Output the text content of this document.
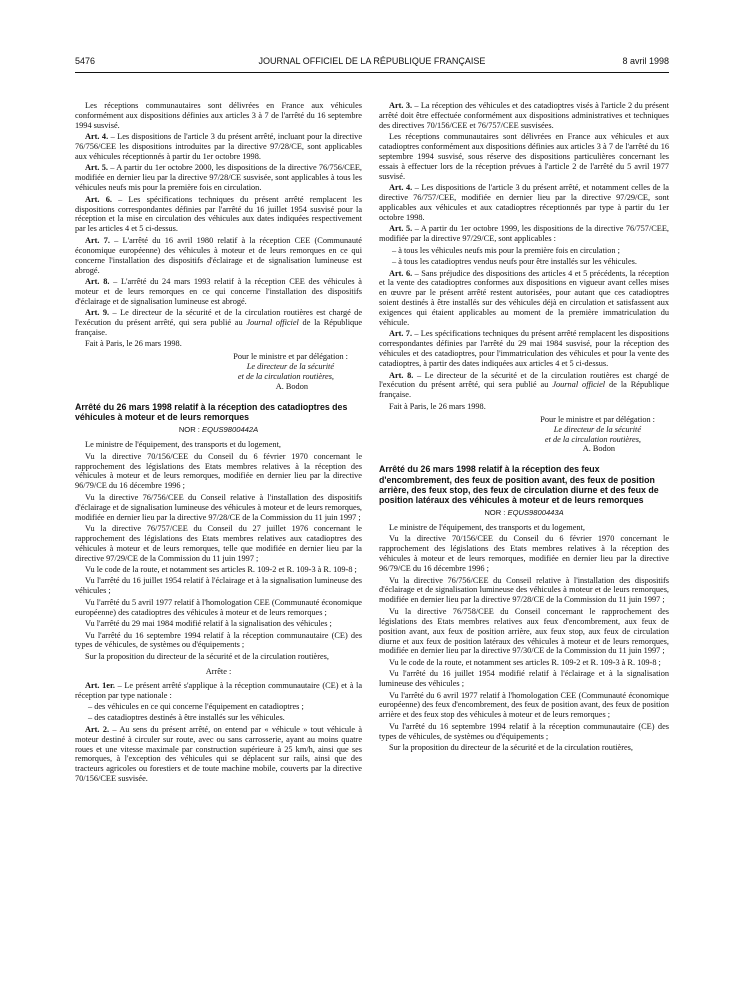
5476	JOURNAL OFFICIEL DE LA RÉPUBLIQUE FRANÇAISE	8 avril 1998

Les réceptions communautaires sont délivrées en France aux véhicules conformément aux dispositions définies aux articles 3 à 7 de l'arrêté du 16 septembre 1994 susvisé.

Art. 4. – Les dispositions de l'article 3 du présent arrêté, incluant pour la directive 76/756/CEE les dispositions introduites par la directive 97/28/CE, sont applicables aux véhicules réceptionnés à partir du 1er octobre 1998.

Art. 5. – A partir du 1er octobre 2000, les dispositions de la directive 76/756/CEE, modifiée en dernier lieu par la directive 97/28/CE susvisée, sont applicables à tous les véhicules neufs mis pour la première fois en circulation.

Art. 6. – Les spécifications techniques du présent arrêté remplacent les dispositions correspondantes définies par l'arrêté du 16 juillet 1954 susvisé pour la réception et la mise en circulation des véhicules aux dates indiquées respectivement par les articles 4 et 5 ci-dessus.

Art. 7. – L'arrêté du 16 avril 1980 relatif à la réception CEE (Communauté économique européenne) des véhicules à moteur et de leurs remorques en ce qui concerne l'installation des dispositifs d'éclairage et de signalisation lumineuse est abrogé.

Art. 8. – L'arrêté du 24 mars 1993 relatif à la réception CEE des véhicules à moteur et de leurs remorques en ce qui concerne l'installation des dispositifs d'éclairage et de signalisation lumineuse est abrogé.

Art. 9. – Le directeur de la sécurité et de la circulation routières est chargé de l'exécution du présent arrêté, qui sera publié au Journal officiel de la République française.

Fait à Paris, le 26 mars 1998.

Pour le ministre et par délégation :
Le directeur de la sécurité
et de la circulation routières,
A. Bodon
Arrêté du 26 mars 1998 relatif à la réception des catadioptres des véhicules à moteur et de leurs remorques
NOR : EQUS9800442A

Le ministre de l'équipement, des transports et du logement,

Vu la directive 70/156/CEE du Conseil du 6 février 1970 concernant le rapprochement des législations des Etats membres relatives à la réception des véhicules à moteur et de leurs remorques, modifiée en dernier lieu par la directive 96/79/CE du 16 décembre 1996 ;

Vu la directive 76/756/CEE du Conseil relative à l'installation des dispositifs d'éclairage et de signalisation lumineuse des véhicules à moteur et de leurs remorques, modifiée en dernier lieu par la directive 97/28/CE de la Commission du 11 juin 1997 ;

Vu la directive 76/757/CEE du Conseil du 27 juillet 1976 concernant le rapprochement des législations des Etats membres relatives aux catadioptres des véhicules à moteur et de leurs remorques, telle que modifiée en dernier lieu par la directive 97/29/CE de la Commission du 11 juin 1997 ;

Vu le code de la route, et notamment ses articles R. 109-2 et R. 109-3 à R. 109-8 ;

Vu l'arrêté du 16 juillet 1954 relatif à l'éclairage et à la signalisation lumineuse des véhicules ;

Vu l'arrêté du 5 avril 1977 relatif à l'homologation CEE (Communauté économique européenne) des catadioptres des véhicules à moteur et de leurs remorques ;

Vu l'arrêté du 29 mai 1984 modifié relatif à la signalisation des véhicules ;

Vu l'arrêté du 16 septembre 1994 relatif à la réception communautaire (CE) des types de véhicules, de systèmes ou d'équipements ;

Sur la proposition du directeur de la sécurité et de la circulation routières,

Arrête :

Art. 1er. – Le présent arrêté s'applique à la réception communautaire (CE) et à la réception par type nationale :

– des véhicules en ce qui concerne l'équipement en catadioptres ;

– des catadioptres destinés à être installés sur les véhicules.

Art. 2. – Au sens du présent arrêté, on entend par « véhicule » tout véhicule à moteur destiné à circuler sur route, avec ou sans carrosserie, ayant au moins quatre roues et une vitesse maximale par construction supérieure à 25 km/h, ainsi que ses remorques, à l'exception des véhicules qui se déplacent sur rails, ainsi que des tracteurs agricoles ou forestiers et de toute machine mobile, couverts par la directive 70/156/CEE susvisée.

Art. 3. – La réception des véhicules et des catadioptres visés à l'article 2 du présent arrêté doit être effectuée conformément aux dispositions administratives et techniques des directives 70/156/CEE et 76/757/CEE susvisées.

Les réceptions communautaires sont délivrées en France aux véhicules et aux catadioptres conformément aux dispositions définies aux articles 3 à 7 de l'arrêté du 16 septembre 1994 susvisé, sous réserve des dispositions particulières concernant les essais à effectuer lors de la réception prévues à l'article 2 de l'arrêté du 5 avril 1977 susvisé.

Art. 4. – Les dispositions de l'article 3 du présent arrêté, et notamment celles de la directive 76/757/CEE, modifiée en dernier lieu par la directive 97/29/CE, sont applicables aux véhicules et aux catadioptres réceptionnés par type à partir du 1er octobre 1998.

Art. 5. – A partir du 1er octobre 1999, les dispositions de la directive 76/757/CEE, modifiée par la directive 97/29/CE, sont applicables :

– à tous les véhicules neufs mis pour la première fois en circulation ;

– à tous les catadioptres vendus neufs pour être installés sur les véhicules.

Art. 6. – Sans préjudice des dispositions des articles 4 et 5 précédents, la réception et la vente des catadioptres conformes aux dispositions en vigueur avant celles mises en œuvre par le présent arrêté restent autorisées, pour autant que ces catadioptres soient destinés à être installés sur des véhicules déjà en circulation et satisfassent aux exigences qui étaient applicables au moment de la première immatriculation du véhicule.

Art. 7. – Les spécifications techniques du présent arrêté remplacent les dispositions correspondantes définies par l'arrêté du 29 mai 1984 susvisé, pour la réception des véhicules et des catadioptres, pour l'immatriculation des véhicules et pour la vente des catadioptres, à partir des dates indiquées aux articles 4 et 5 ci-dessus.

Art. 8. – Le directeur de la sécurité et de la circulation routières est chargé de l'exécution du présent arrêté, qui sera publié au Journal officiel de la République française.

Fait à Paris, le 26 mars 1998.

Pour le ministre et par délégation :
Le directeur de la sécurité
et de la circulation routières,
A. Bodon
Arrêté du 26 mars 1998 relatif à la réception des feux d'encombrement, des feux de position avant, des feux de position arrière, des feux stop, des feux de circulation diurne et des feux de position latéraux des véhicules à moteur et de leurs remorques
NOR : EQUS9800443A

Le ministre de l'équipement, des transports et du logement,

Vu la directive 70/156/CEE du Conseil du 6 février 1970 concernant le rapprochement des législations des Etats membres relatives à la réception des véhicules à moteur et de leurs remorques, modifiée en dernier lieu par la directive 96/79/CE du 16 décembre 1996 ;

Vu la directive 76/756/CEE du Conseil relative à l'installation des dispositifs d'éclairage et de signalisation lumineuse des véhicules à moteur et de leurs remorques, modifiée en dernier lieu par la directive 97/28/CE de la Commission du 11 juin 1997 ;

Vu la directive 76/758/CEE du Conseil concernant le rapprochement des législations des Etats membres relatives aux feux d'encombrement, aux feux de position avant, aux feux de position arrière, aux feux stop, aux feux de circulation diurne et aux feux de position latéraux des véhicules à moteur et de leurs remorques, modifiée en dernier lieu par la directive 97/30/CE de la Commission du 11 juin 1997 ;

Vu le code de la route, et notamment ses articles R. 109-2 et R. 109-3 à R. 109-8 ;

Vu l'arrêté du 16 juillet 1954 modifié relatif à l'éclairage et à la signalisation lumineuse des véhicules ;

Vu l'arrêté du 6 avril 1977 relatif à l'homologation CEE (Communauté économique européenne) des feux d'encombrement, des feux de position avant, des feux de position arrière et des feux stop des véhicules à moteur et de leurs remorques ;

Vu l'arrêté du 16 septembre 1994 relatif à la réception communautaire (CE) des types de véhicules, de systèmes ou d'équipements ;

Sur la proposition du directeur de la sécurité et de la circulation routières,
